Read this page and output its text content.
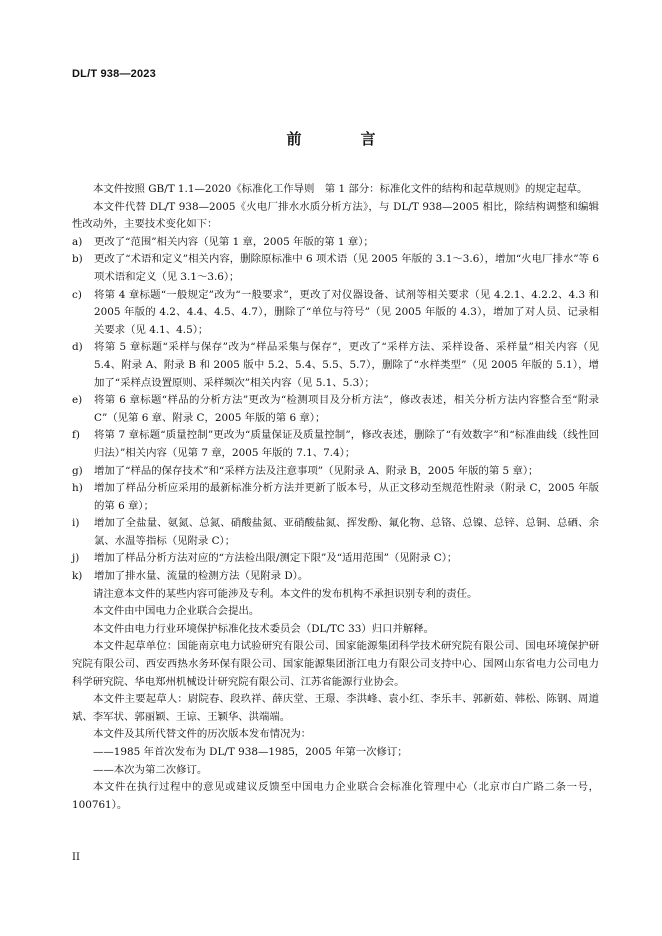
DL/T 938—2023
前　言
本文件按照 GB/T 1.1—2020《标准化工作导则　第 1 部分：标准化文件的结构和起草规则》的规定起草。
本文件代替 DL/T 938—2005《火电厂排水水质分析方法》，与 DL/T 938—2005 相比，除结构调整和编辑性改动外，主要技术变化如下：
a) 更改了“范围”相关内容（见第 1 章，2005 年版的第 1 章）；
b) 更改了“术语和定义”相关内容，删除原标准中 6 项术语（见 2005 年版的 3.1～3.6），增加“火电厂排水”等 6 项术语和定义（见 3.1～3.6）；
c) 将第 4 章标题“一般规定”改为“一般要求”，更改了对仪器设备、试剂等相关要求（见 4.2.1、4.2.2、4.3 和 2005 年版的 4.2、4.4、4.5、4.7），删除了“单位与符号”（见 2005 年版的 4.3），增加了对人员、记录相关要求（见 4.1、4.5）；
d) 将第 5 章标题“采样与保存”改为“样品采集与保存”，更改了“采样方法、采样设备、采样量”相关内容（见 5.4、附录 A、附录 B 和 2005 版中 5.2、5.4、5.5、5.7），删除了“水样类型”（见 2005 年版的 5.1），增加了“采样点设置原则、采样频次”相关内容（见 5.1、5.3）；
e) 将第 6 章标题“样品的分析方法”更改为“检测项目及分析方法”，修改表述，相关分析方法内容整合至“附录 C”（见第 6 章、附录 C，2005 年版的第 6 章）；
f) 将第 7 章标题“质量控制”更改为“质量保证及质量控制”，修改表述，删除了“有效数字”和“标准曲线（线性回归法）”相关内容（见第 7 章，2005 年版的 7.1、7.4）；
g) 增加了“样品的保存技术”和“采样方法及注意事项”（见附录 A、附录 B，2005 年版的第 5 章）；
h) 增加了样品分析应采用的最新标准分析方法并更新了版本号，从正文移动至规范性附录（附录 C，2005 年版的第 6 章）；
i) 增加了全盐量、氨氮、总氮、硝酸盐氮、亚硝酸盐氮、挥发酚、氟化物、总铬、总镍、总锌、总铜、总硒、余氯、水温等指标（见附录 C）；
j) 增加了样品分析方法对应的“方法检出限/测定下限”及“适用范围”（见附录 C）；
k) 增加了排水量、流量的检测方法（见附录 D）。
请注意本文件的某些内容可能涉及专利。本文件的发布机构不承担识别专利的责任。
本文件由中国电力企业联合会提出。
本文件由电力行业环境保护标准化技术委员会（DL/TC 33）归口并解释。
本文件起草单位：国能南京电力试验研究有限公司、国家能源集团科学技术研究院有限公司、国电环境保护研究院有限公司、西安西热水务环保有限公司、国家能源集团浙江电力有限公司支持中心、国网山东省电力公司电力科学研究院、华电郑州机械设计研究院有限公司、江苏省能源行业协会。
本文件主要起草人：尉院春、段玖祥、薛庆堂、王璟、李洪峰、袁小红、李乐丰、郭新茹、韩松、陈钢、周道斌、李军状、郭丽颖、王谅、王颖华、洪端端。
本文件及其所代替文件的历次版本发布情况为：
——1985 年首次发布为 DL/T 938—1985，2005 年第一次修订；
——本次为第二次修订。
本文件在执行过程中的意见或建议反馈至中国电力企业联合会标准化管理中心（北京市白广路二条一号，100761）。
II
